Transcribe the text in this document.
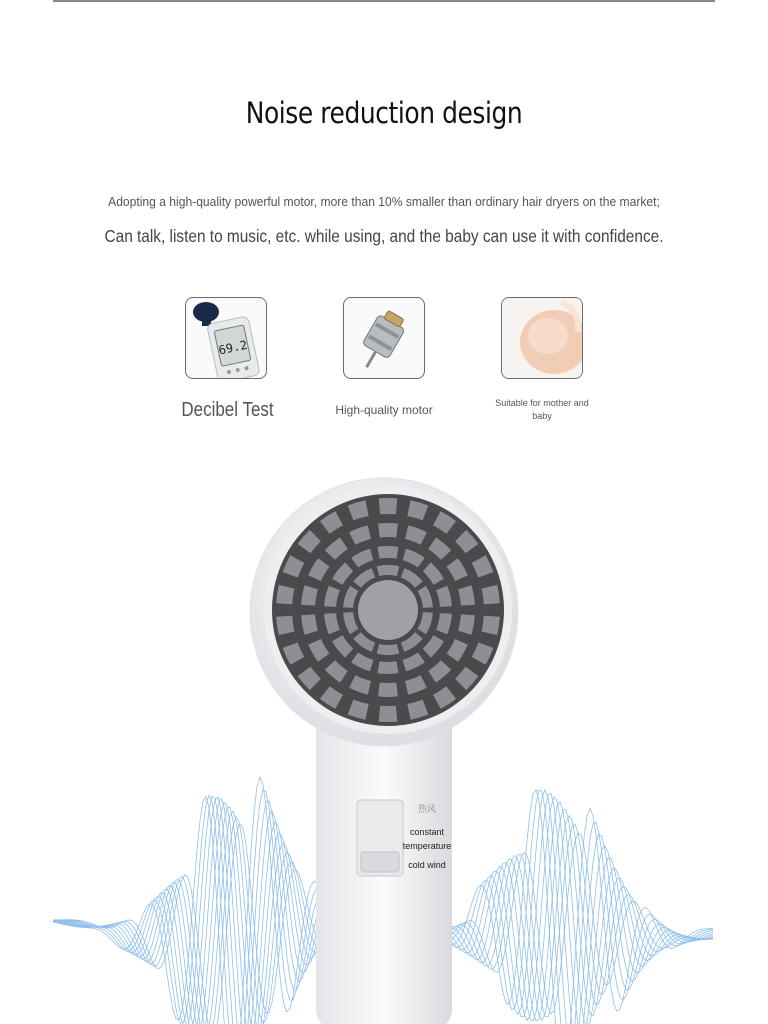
Noise reduction design
Adopting a high-quality powerful motor, more than 10% smaller than ordinary hair dryers on the market;
Can talk, listen to music, etc. while using, and the baby can use it with confidence.
69.2
Decibel Test	High-quality motor	Suitable for mother and baby
热风
constant temperature
cold wind
